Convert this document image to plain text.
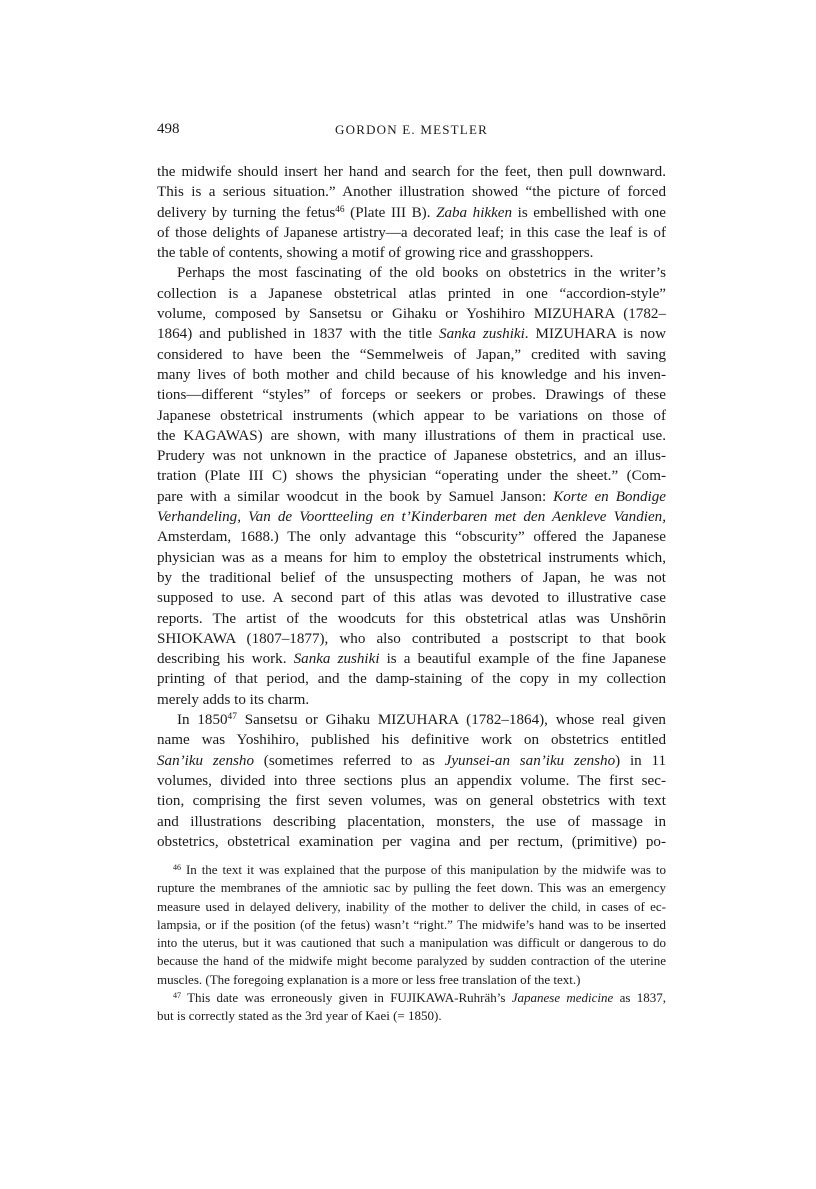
498	GORDON E. MESTLER
the midwife should insert her hand and search for the feet, then pull downward.
This is a serious situation.” Another illustration showed “the picture of forced
delivery by turning the fetus$^{46}$ (Plate III B). Zaba hikken is embellished with one
of those delights of Japanese artistry—a decorated leaf; in this case the leaf is of
the table of contents, showing a motif of growing rice and grasshoppers.
Perhaps the most fascinating of the old books on obstetrics in the writer’s
collection is a Japanese obstetrical atlas printed in one “accordion-style”
volume, composed by Sansetsu or Gihaku or Yoshihiro MIZUHARA (1782–
1864) and published in 1837 with the title Sanka zushiki. MIZUHARA is now
considered to have been the “Semmelweis of Japan,” credited with saving
many lives of both mother and child because of his knowledge and his inven-
tions—different “styles” of forceps or seekers or probes. Drawings of these
Japanese obstetrical instruments (which appear to be variations on those of
the KAGAWAS) are shown, with many illustrations of them in practical use.
Prudery was not unknown in the practice of Japanese obstetrics, and an illus-
tration (Plate III C) shows the physician “operating under the sheet.” (Com-
pare with a similar woodcut in the book by Samuel Janson: Korte en Bondige
Verhandeling, Van de Voortteeling en t’Kinderbaren met den Aenkleve Vandien,
Amsterdam, 1688.) The only advantage this “obscurity” offered the Japanese
physician was as a means for him to employ the obstetrical instruments which,
by the traditional belief of the unsuspecting mothers of Japan, he was not
supposed to use. A second part of this atlas was devoted to illustrative case
reports. The artist of the woodcuts for this obstetrical atlas was Unshōrin
SHIOKAWA (1807–1877), who also contributed a postscript to that book
describing his work. Sanka zushiki is a beautiful example of the fine Japanese
printing of that period, and the damp-staining of the copy in my collection
merely adds to its charm.
In 1850$^{47}$ Sansetsu or Gihaku MIZUHARA (1782–1864), whose real given
name was Yoshihiro, published his definitive work on obstetrics entitled
San’iku zensho (sometimes referred to as Jyunsei-an san’iku zensho) in 11
volumes, divided into three sections plus an appendix volume. The first sec-
tion, comprising the first seven volumes, was on general obstetrics with text
and illustrations describing placentation, monsters, the use of massage in
obstetrics, obstetrical examination per vagina and per rectum, (primitive) po-
$^{46}$ In the text it was explained that the purpose of this manipulation by the midwife was to
rupture the membranes of the amniotic sac by pulling the feet down. This was an emergency
measure used in delayed delivery, inability of the mother to deliver the child, in cases of ec-
lampsia, or if the position (of the fetus) wasn’t “right.” The midwife’s hand was to be inserted
into the uterus, but it was cautioned that such a manipulation was difficult or dangerous to do
because the hand of the midwife might become paralyzed by sudden contraction of the uterine
muscles. (The foregoing explanation is a more or less free translation of the text.)
$^{47}$ This date was erroneously given in FUJIKAWA-Ruhräh’s Japanese medicine as 1837,
but is correctly stated as the 3rd year of Kaei (= 1850).
